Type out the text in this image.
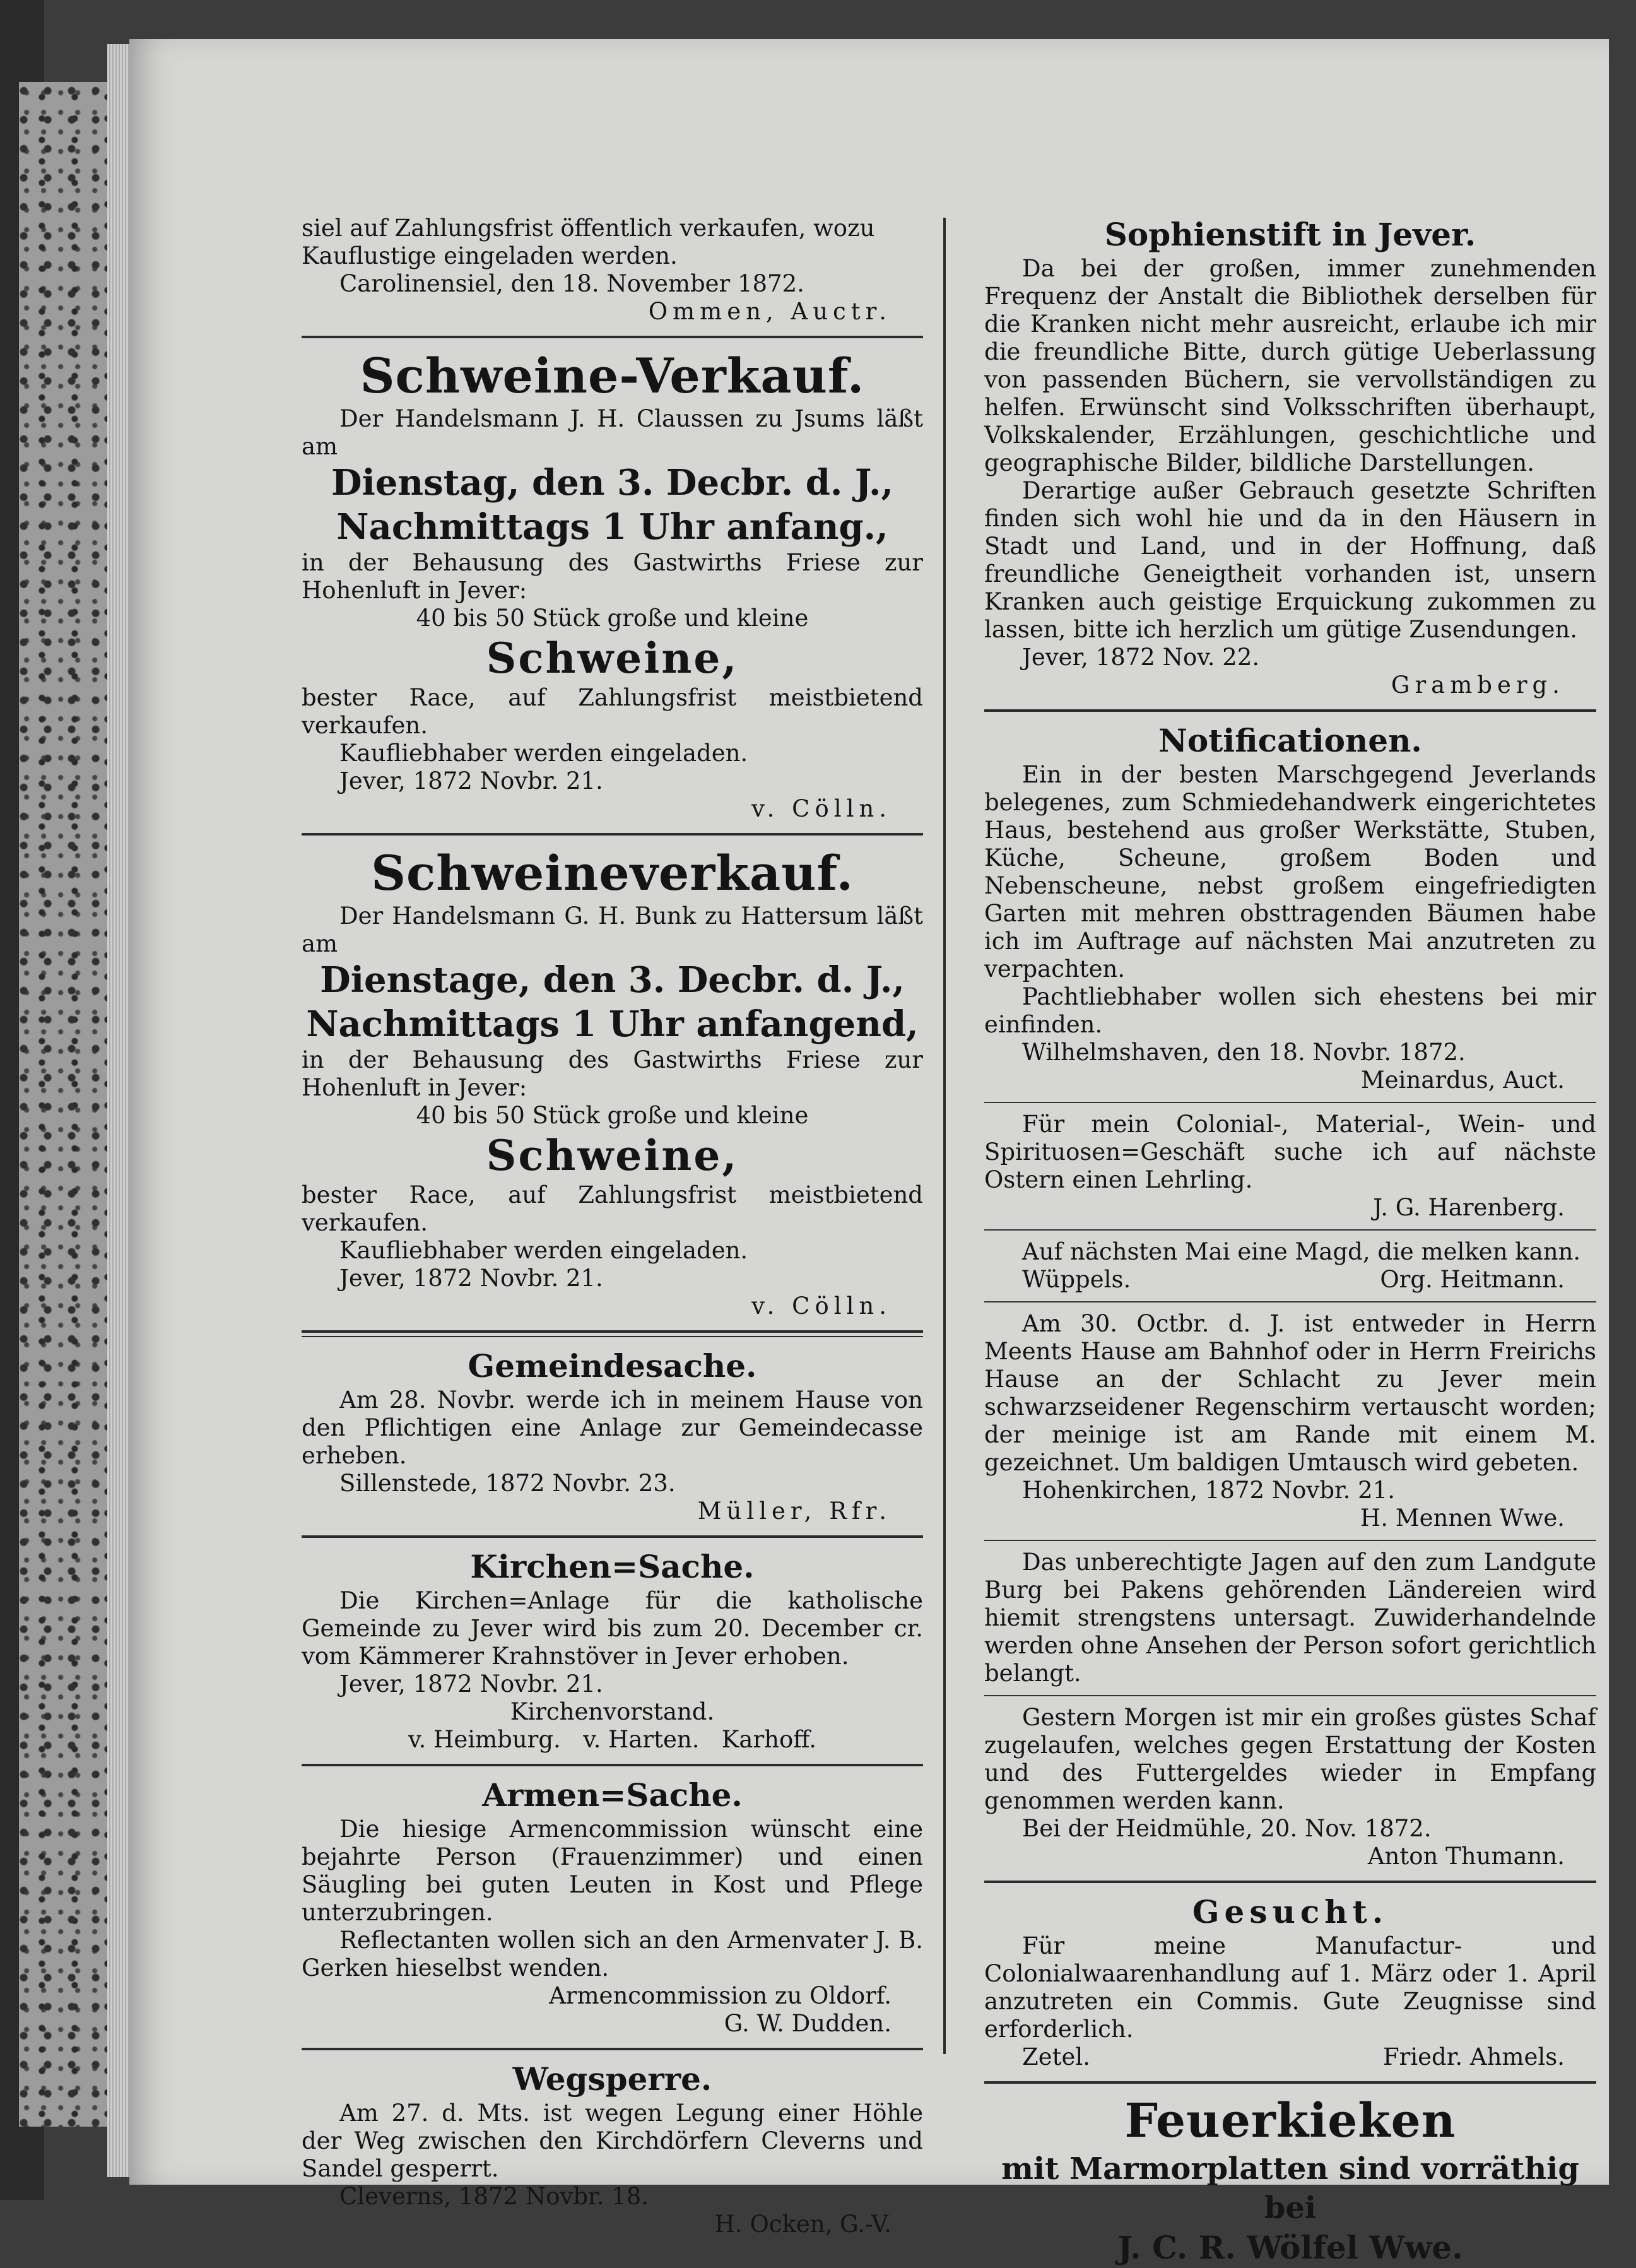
siel auf Zahlungsfrist öffentlich verkaufen, wozu

Kauflustige eingeladen werden.

Carolinensiel, den 18. November 1872.

Ommen, Auctr.

Schweine-Verkauf.

Der Handelsmann J. H. Claussen zu Jsums läßt am

Dienstag, den 3. Decbr. d. J.,
Nachmittags 1 Uhr anfang.,

in der Behausung des Gastwirths Friese zur Hohenluft in Jever:

40 bis 50 Stück große und kleine

Schweine,

bester Race, auf Zahlungsfrist meistbietend verkaufen.

Kaufliebhaber werden eingeladen.

Jever, 1872 Novbr. 21.

v. Cölln.

Schweineverkauf.

Der Handelsmann G. H. Bunk zu Hattersum läßt am

Dienstage, den 3. Decbr. d. J.,
Nachmittags 1 Uhr anfangend,

in der Behausung des Gastwirths Friese zur Hohenluft in Jever:

40 bis 50 Stück große und kleine

Schweine,

bester Race, auf Zahlungsfrist meistbietend verkaufen.

Kaufliebhaber werden eingeladen.

Jever, 1872 Novbr. 21.

v. Cölln.

Gemeindesache.

Am 28. Novbr. werde ich in meinem Hause von den Pflichtigen eine Anlage zur Gemeindecasse erheben.

Sillenstede, 1872 Novbr. 23.

Müller, Rfr.

Kirchen=Sache.

Die Kirchen=Anlage für die katholische Gemeinde zu Jever wird bis zum 20. December cr. vom Kämmerer Krahnstöver in Jever erhoben.

Jever, 1872 Novbr. 21.

Kirchenvorstand.

v. Heimburg.   v. Harten.   Karhoff.

Armen=Sache.

Die hiesige Armencommission wünscht eine bejahrte Person (Frauenzimmer) und einen Säugling bei guten Leuten in Kost und Pflege unterzubringen.

Reflectanten wollen sich an den Armenvater J. B. Gerken hieselbst wenden.

Armencommission zu Oldorf.

G. W. Dudden.

Wegsperre.

Am 27. d. Mts. ist wegen Legung einer Höhle der Weg zwischen den Kirchdörfern Cleverns und Sandel gesperrt.

Cleverns, 1872 Novbr. 18.

H. Ocken, G.-V.

Sophienstift in Jever.

Da bei der großen, immer zunehmenden Frequenz der Anstalt die Bibliothek derselben für die Kranken nicht mehr ausreicht, erlaube ich mir die freundliche Bitte, durch gütige Ueberlassung von passenden Büchern, sie vervollständigen zu helfen. Erwünscht sind Volksschriften überhaupt, Volkskalender, Erzählungen, geschichtliche und geographische Bilder, bildliche Darstellungen.

Derartige außer Gebrauch gesetzte Schriften finden sich wohl hie und da in den Häusern in Stadt und Land, und in der Hoffnung, daß freundliche Geneigtheit vorhanden ist, unsern Kranken auch geistige Erquickung zukommen zu lassen, bitte ich herzlich um gütige Zusendungen.

Jever, 1872 Nov. 22.

Gramberg.

Notificationen.

Ein in der besten Marschgegend Jeverlands belegenes, zum Schmiedehandwerk eingerichtetes Haus, bestehend aus großer Werkstätte, Stuben, Küche, Scheune, großem Boden und Nebenscheune, nebst großem eingefriedigten Garten mit mehren obsttragenden Bäumen habe ich im Auftrage auf nächsten Mai anzutreten zu verpachten.

Pachtliebhaber wollen sich ehestens bei mir einfinden.

Wilhelmshaven, den 18. Novbr. 1872.

Meinardus, Auct.

Für mein Colonial-, Material-, Wein- und Spirituosen=Geschäft suche ich auf nächste Ostern einen Lehrling.

J. G. Harenberg.

Auf nächsten Mai eine Magd, die melken kann.

Wüppels.	Org. Heitmann.

Am 30. Octbr. d. J. ist entweder in Herrn Meents Hause am Bahnhof oder in Herrn Freirichs Hause an der Schlacht zu Jever mein schwarzseidener Regenschirm vertauscht worden; der meinige ist am Rande mit einem M. gezeichnet. Um baldigen Umtausch wird gebeten.

Hohenkirchen, 1872 Novbr. 21.

H. Mennen Wwe.

Das unberechtigte Jagen auf den zum Landgute Burg bei Pakens gehörenden Ländereien wird hiemit strengstens untersagt. Zuwiderhandelnde werden ohne Ansehen der Person sofort gerichtlich belangt.

Gestern Morgen ist mir ein großes güstes Schaf zugelaufen, welches gegen Erstattung der Kosten und des Futtergeldes wieder in Empfang genommen werden kann.

Bei der Heidmühle, 20. Nov. 1872.

Anton Thumann.

Gesucht.

Für meine Manufactur- und Colonialwaarenhandlung auf 1. März oder 1. April anzutreten ein Commis. Gute Zeugnisse sind erforderlich.

Zetel.	Friedr. Ahmels.

Feuerkieken
mit Marmorplatten sind vorräthig bei
J. C. R. Wölfel Wwe.
